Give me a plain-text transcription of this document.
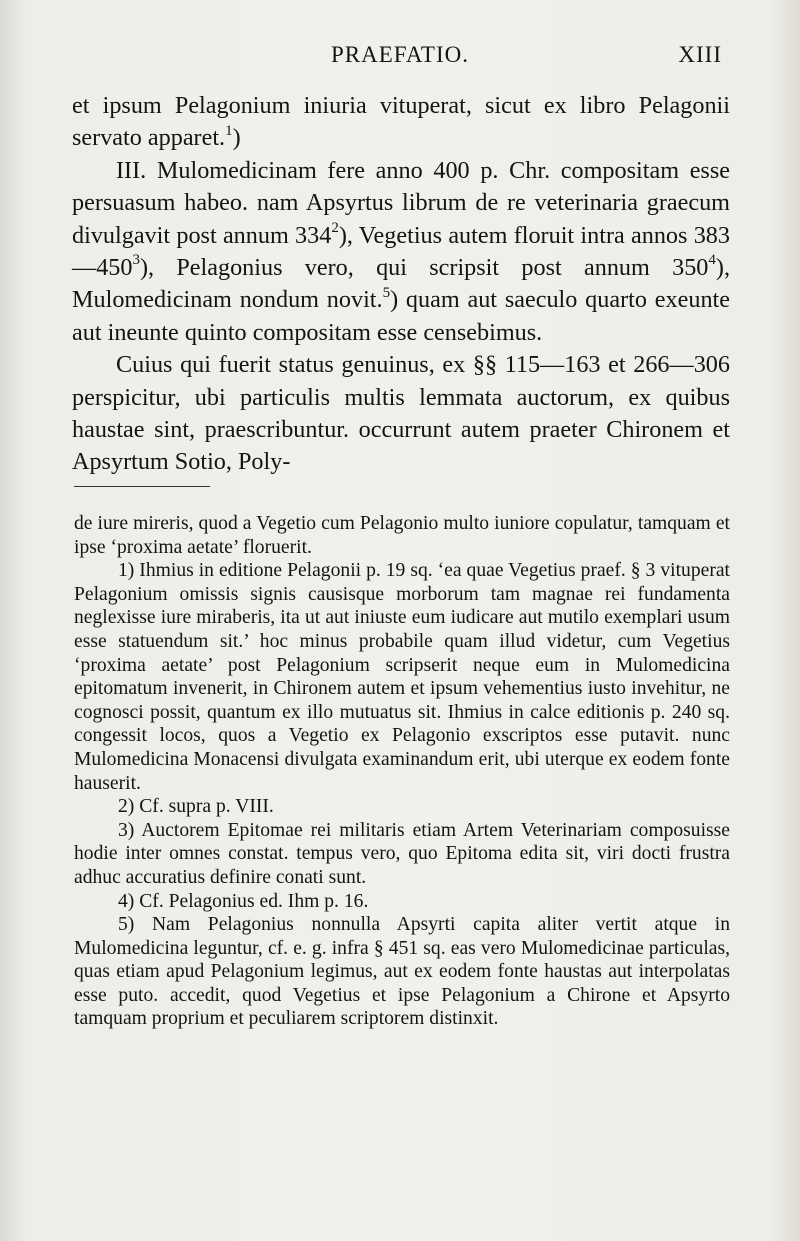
PRAEFATIO.	XIII

et ipsum Pelagonium iniuria vituperat, sicut ex libro Pelagonii servato apparet.$^1$)

III. Mulomedicinam fere anno 400 p. Chr. compositam esse persuasum habeo. nam Apsyrtus librum de re veterinaria graecum divulgavit post annum $334^2$), Vegetius autem floruit intra annos $383—450^3$), Pelagonius vero, qui scripsit post annum $350^4$), Mulomedicinam nondum novit.$^5$) quam aut saeculo quarto exeunte aut ineunte quinto compositam esse censebimus.

Cuius qui fuerit status genuinus, ex §§ 115—163 et 266—306 perspicitur, ubi particulis multis lemmata auctorum, ex quibus haustae sint, praescribuntur. occurrunt autem praeter Chironem et Apsyrtum Sotio, Poly-

de iure mireris, quod a Vegetio cum Pelagonio multo iuniore copulatur, tamquam et ipse ‘proxima aetate’ floruerit.

1) Ihmius in editione Pelagonii p. 19 sq. ‘ea quae Vegetius praef. § 3 vituperat Pelagonium omissis signis causisque morborum tam magnae rei fundamenta neglexisse iure miraberis, ita ut aut iniuste eum iudicare aut mutilo exemplari usum esse statuendum sit.’ hoc minus probabile quam illud videtur, cum Vegetius ‘proxima aetate’ post Pelagonium scripserit neque eum in Mulomedicina epitomatum invenerit, in Chironem autem et ipsum vehementius iusto invehitur, ne cognosci possit, quantum ex illo mutuatus sit. Ihmius in calce editionis p. 240 sq. congessit locos, quos a Vegetio ex Pelagonio exscriptos esse putavit. nunc Mulomedicina Monacensi divulgata examinandum erit, ubi uterque ex eodem fonte hauserit.

2) Cf. supra p. VIII.

3) Auctorem Epitomae rei militaris etiam Artem Veterinariam composuisse hodie inter omnes constat. tempus vero, quo Epitoma edita sit, viri docti frustra adhuc accuratius definire conati sunt.

4) Cf. Pelagonius ed. Ihm p. 16.

5) Nam Pelagonius nonnulla Apsyrti capita aliter vertit atque in Mulomedicina leguntur, cf. e. g. infra § 451 sq. eas vero Mulomedicinae particulas, quas etiam apud Pelagonium legimus, aut ex eodem fonte haustas aut interpolatas esse puto. accedit, quod Vegetius et ipse Pelagonium a Chirone et Apsyrto tamquam proprium et peculiarem scriptorem distinxit.
